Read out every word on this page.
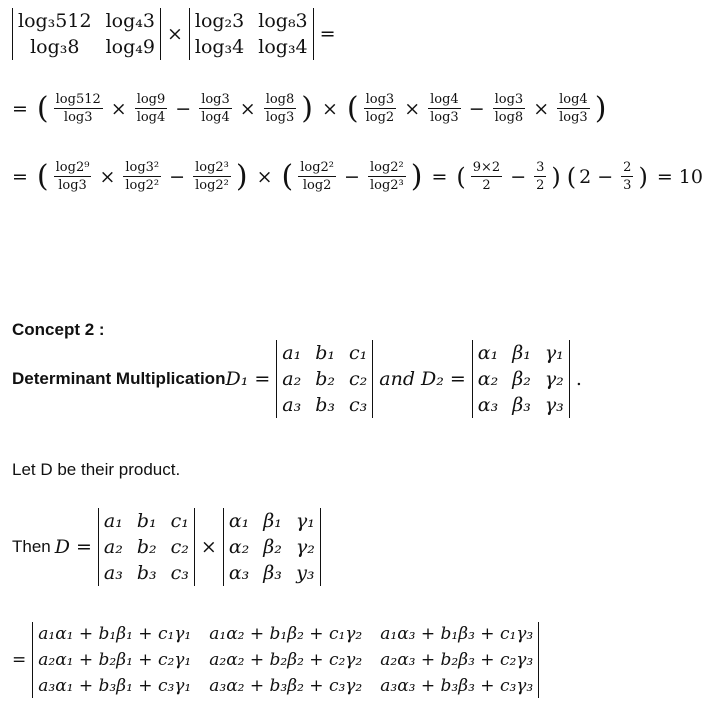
log₃512 log₄3
log₃8	log₄9
×
log₂3 log₈3
log₃4 log₃4
=
= ( $\frac{\log 512}{\log 3} \times \frac{\log 9}{\log 4} - \frac{\log 3}{\log 4} \times \frac{\log 8}{\log 3}$ ) × ( $\frac{\log 3}{\log 2} \times \frac{\log 4}{\log 3} - \frac{\log 3}{\log 8} \times \frac{\log 4}{\log 3}$ )
= ( $\frac{\text{log2⁹}}{\log 3} \times \frac{\text{log3²}}{\text{log2²}} - \frac{\text{log2³}}{\text{log2²}}$ ) × ( $\frac{\text{log2²}}{\log 2} - \frac{\text{log2²}}{\text{log2³}}$ ) = ( $\frac{9\times 2}{2} - \frac{3}{2}$ ) ( $2 - \frac{2}{3}$ ) = 10
Concept 2 :
Determinant Multiplication D₁ =
a₁ b₁ c₁
a₂ b₂ c₂
a₃ b₃ c₃
and D₂ =
α₁ β₁ γ₁
α₂ β₂ γ₂
α₃ β₃ γ₃
.
Let D be their product.
Then D =
a₁ b₁ c₁
a₂ b₂ c₂
a₃ b₃ c₃
×
α₁ β₁ γ₁
α₂ β₂ γ₂
α₃ β₃ y₃
=
a₁α₁ + b₁β₁ + c₁γ₁ a₁α₂ + b₁β₂ + c₁γ₂ a₁α₃ + b₁β₃ + c₁γ₃
a₂α₁ + b₂β₁ + c₂γ₁ a₂α₂ + b₂β₂ + c₂γ₂ a₂α₃ + b₂β₃ + c₂γ₃
a₃α₁ + b₃β₁ + c₃γ₁ a₃α₂ + b₃β₂ + c₃γ₂ a₃α₃ + b₃β₃ + c₃γ₃
